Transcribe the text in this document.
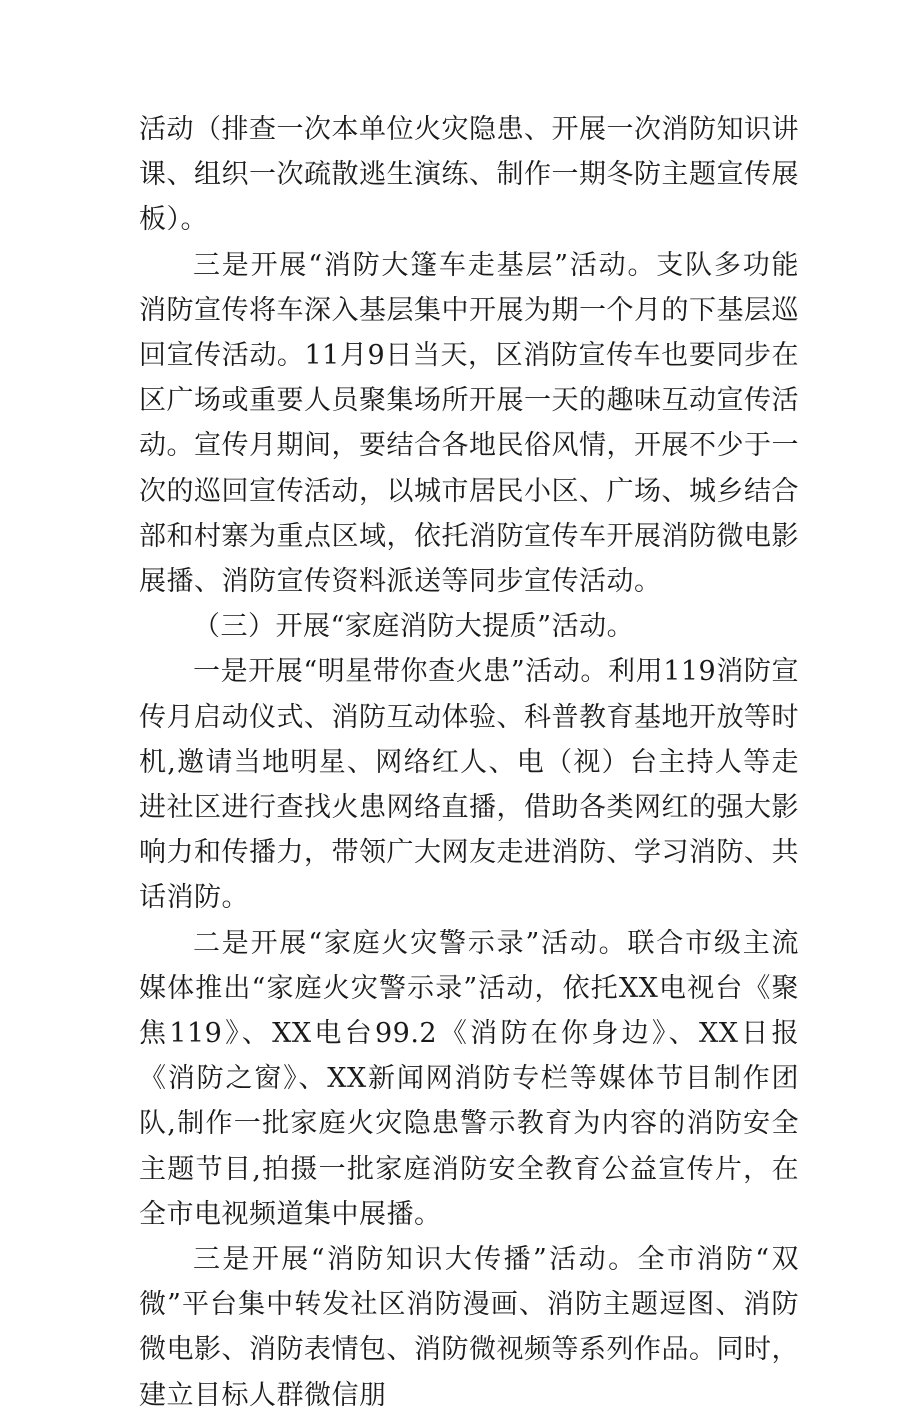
活动（排查一次本单位火灾隐患、开展一次消防知识讲课、组织一次疏散逃生演练、制作一期冬防主题宣传展板）。

三是开展“消防大篷车走基层”活动。支队多功能消防宣传将车深入基层集中开展为期一个月的下基层巡回宣传活动。11月9日当天，区消防宣传车也要同步在区广场或重要人员聚集场所开展一天的趣味互动宣传活动。宣传月期间，要结合各地民俗风情，开展不少于一次的巡回宣传活动，以城市居民小区、广场、城乡结合部和村寨为重点区域，依托消防宣传车开展消防微电影展播、消防宣传资料派送等同步宣传活动。

（三）开展“家庭消防大提质”活动。

一是开展“明星带你查火患”活动。利用119消防宣传月启动仪式、消防互动体验、科普教育基地开放等时机,邀请当地明星、网络红人、电（视）台主持人等走进社区进行查找火患网络直播，借助各类网红的强大影响力和传播力，带领广大网友走进消防、学习消防、共话消防。

二是开展“家庭火灾警示录”活动。联合市级主流媒体推出“家庭火灾警示录”活动，依托XX电视台《聚焦119》、XX电台99.2《消防在你身边》、XX日报《消防之窗》、XX新闻网消防专栏等媒体节目制作团队,制作一批家庭火灾隐患警示教育为内容的消防安全主题节目,拍摄一批家庭消防安全教育公益宣传片，在全市电视频道集中展播。

三是开展“消防知识大传播”活动。全市消防“双微”平台集中转发社区消防漫画、消防主题逗图、消防微电影、消防表情包、消防微视频等系列作品。同时，建立目标人群微信朋
